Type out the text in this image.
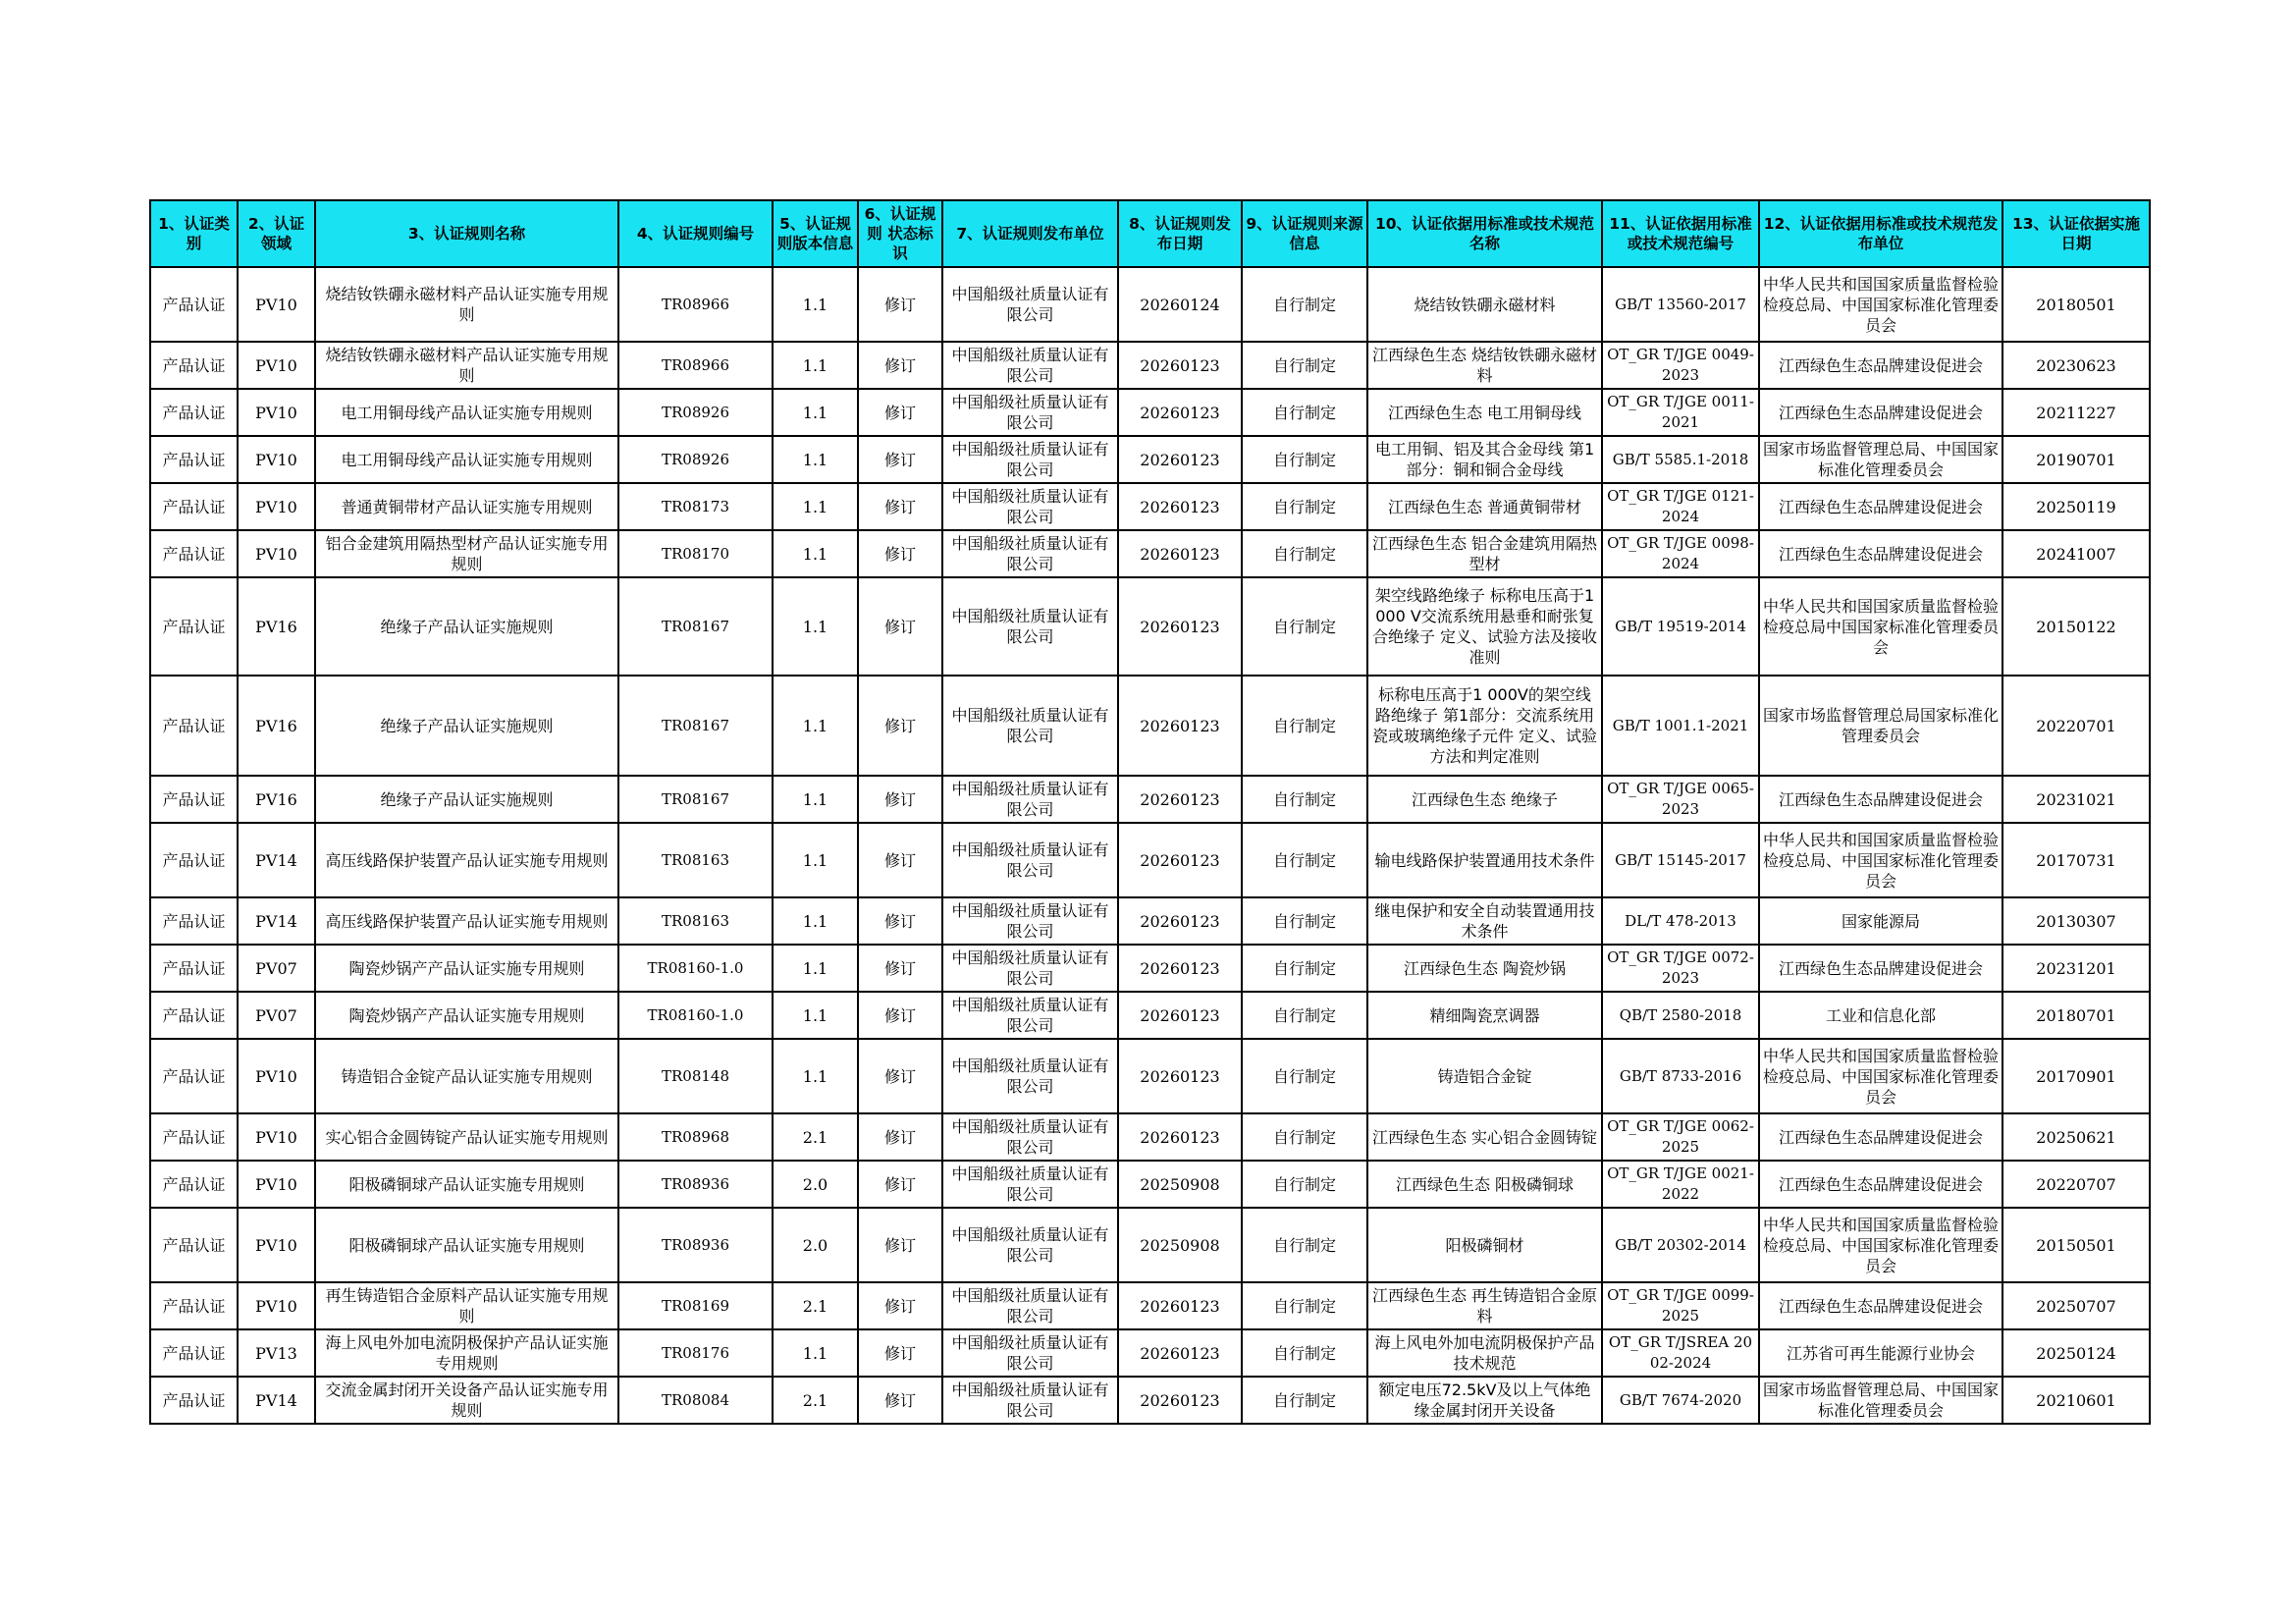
1、认证类别	2、认证领域	3、认证规则名称	4、认证规则编号	5、认证规则版本信息	6、认证规则 状态标识	7、认证规则发布单位	8、认证规则发布日期	9、认证规则来源信息	10、认证依据用标准或技术规范名称	11、认证依据用标准或技术规范编号	12、认证依据用标准或技术规范发布单位	13、认证依据实施日期
产品认证	PV10	烧结钕铁硼永磁材料产品认证实施专用规则	TR08966	1.1	修订	中国船级社质量认证有限公司	20260124	自行制定	烧结钕铁硼永磁材料	GB/T 13560-2017	中华人民共和国国家质量监督检验检疫总局、中国国家标准化管理委员会	20180501
产品认证	PV10	烧结钕铁硼永磁材料产品认证实施专用规则	TR08966	1.1	修订	中国船级社质量认证有限公司	20260123	自行制定	江西绿色生态 烧结钕铁硼永磁材料	OT_GR T/JGE 0049-2023	江西绿色生态品牌建设促进会	20230623
产品认证	PV10	电工用铜母线产品认证实施专用规则	TR08926	1.1	修订	中国船级社质量认证有限公司	20260123	自行制定	江西绿色生态 电工用铜母线	OT_GR T/JGE 0011-2021	江西绿色生态品牌建设促进会	20211227
产品认证	PV10	电工用铜母线产品认证实施专用规则	TR08926	1.1	修订	中国船级社质量认证有限公司	20260123	自行制定	电工用铜、铝及其合金母线 第1部分：铜和铜合金母线	GB/T 5585.1-2018	国家市场监督管理总局、中国国家标准化管理委员会	20190701
产品认证	PV10	普通黄铜带材产品认证实施专用规则	TR08173	1.1	修订	中国船级社质量认证有限公司	20260123	自行制定	江西绿色生态 普通黄铜带材	OT_GR T/JGE 0121-2024	江西绿色生态品牌建设促进会	20250119
产品认证	PV10	铝合金建筑用隔热型材产品认证实施专用规则	TR08170	1.1	修订	中国船级社质量认证有限公司	20260123	自行制定	江西绿色生态 铝合金建筑用隔热型材	OT_GR T/JGE 0098-2024	江西绿色生态品牌建设促进会	20241007
产品认证	PV16	绝缘子产品认证实施规则	TR08167	1.1	修订	中国船级社质量认证有限公司	20260123	自行制定	架空线路绝缘子 标称电压高于1 000 V交流系统用悬垂和耐张复合绝缘子 定义、试验方法及接收准则	GB/T 19519-2014	中华人民共和国国家质量监督检验检疫总局中国国家标准化管理委员会	20150122
产品认证	PV16	绝缘子产品认证实施规则	TR08167	1.1	修订	中国船级社质量认证有限公司	20260123	自行制定	标称电压高于1 000V的架空线路绝缘子 第1部分：交流系统用瓷或玻璃绝缘子元件 定义、试验方法和判定准则	GB/T 1001.1-2021	国家市场监督管理总局国家标准化管理委员会	20220701
产品认证	PV16	绝缘子产品认证实施规则	TR08167	1.1	修订	中国船级社质量认证有限公司	20260123	自行制定	江西绿色生态 绝缘子	OT_GR T/JGE 0065-2023	江西绿色生态品牌建设促进会	20231021
产品认证	PV14	高压线路保护装置产品认证实施专用规则	TR08163	1.1	修订	中国船级社质量认证有限公司	20260123	自行制定	输电线路保护装置通用技术条件	GB/T 15145-2017	中华人民共和国国家质量监督检验检疫总局、中国国家标准化管理委员会	20170731
产品认证	PV14	高压线路保护装置产品认证实施专用规则	TR08163	1.1	修订	中国船级社质量认证有限公司	20260123	自行制定	继电保护和安全自动装置通用技术条件	DL/T 478-2013	国家能源局	20130307
产品认证	PV07	陶瓷炒锅产产品认证实施专用规则	TR08160-1.0	1.1	修订	中国船级社质量认证有限公司	20260123	自行制定	江西绿色生态 陶瓷炒锅	OT_GR T/JGE 0072-2023	江西绿色生态品牌建设促进会	20231201
产品认证	PV07	陶瓷炒锅产产品认证实施专用规则	TR08160-1.0	1.1	修订	中国船级社质量认证有限公司	20260123	自行制定	精细陶瓷烹调器	QB/T 2580-2018	工业和信息化部	20180701
产品认证	PV10	铸造铝合金锭产品认证实施专用规则	TR08148	1.1	修订	中国船级社质量认证有限公司	20260123	自行制定	铸造铝合金锭	GB/T 8733-2016	中华人民共和国国家质量监督检验检疫总局、中国国家标准化管理委员会	20170901
产品认证	PV10	实心铝合金圆铸锭产品认证实施专用规则	TR08968	2.1	修订	中国船级社质量认证有限公司	20260123	自行制定	江西绿色生态 实心铝合金圆铸锭	OT_GR T/JGE 0062-2025	江西绿色生态品牌建设促进会	20250621
产品认证	PV10	阳极磷铜球产品认证实施专用规则	TR08936	2.0	修订	中国船级社质量认证有限公司	20250908	自行制定	江西绿色生态 阳极磷铜球	OT_GR T/JGE 0021-2022	江西绿色生态品牌建设促进会	20220707
产品认证	PV10	阳极磷铜球产品认证实施专用规则	TR08936	2.0	修订	中国船级社质量认证有限公司	20250908	自行制定	阳极磷铜材	GB/T 20302-2014	中华人民共和国国家质量监督检验检疫总局、中国国家标准化管理委员会	20150501
产品认证	PV10	再生铸造铝合金原料产品认证实施专用规则	TR08169	2.1	修订	中国船级社质量认证有限公司	20260123	自行制定	江西绿色生态 再生铸造铝合金原料	OT_GR T/JGE 0099-2025	江西绿色生态品牌建设促进会	20250707
产品认证	PV13	海上风电外加电流阴极保护产品认证实施专用规则	TR08176	1.1	修订	中国船级社质量认证有限公司	20260123	自行制定	海上风电外加电流阴极保护产品技术规范	OT_GR T/JSREA 2002-2024	江苏省可再生能源行业协会	20250124
产品认证	PV14	交流金属封闭开关设备产品认证实施专用规则	TR08084	2.1	修订	中国船级社质量认证有限公司	20260123	自行制定	额定电压72.5kV及以上气体绝缘金属封闭开关设备	GB/T 7674-2020	国家市场监督管理总局、中国国家标准化管理委员会	20210601
